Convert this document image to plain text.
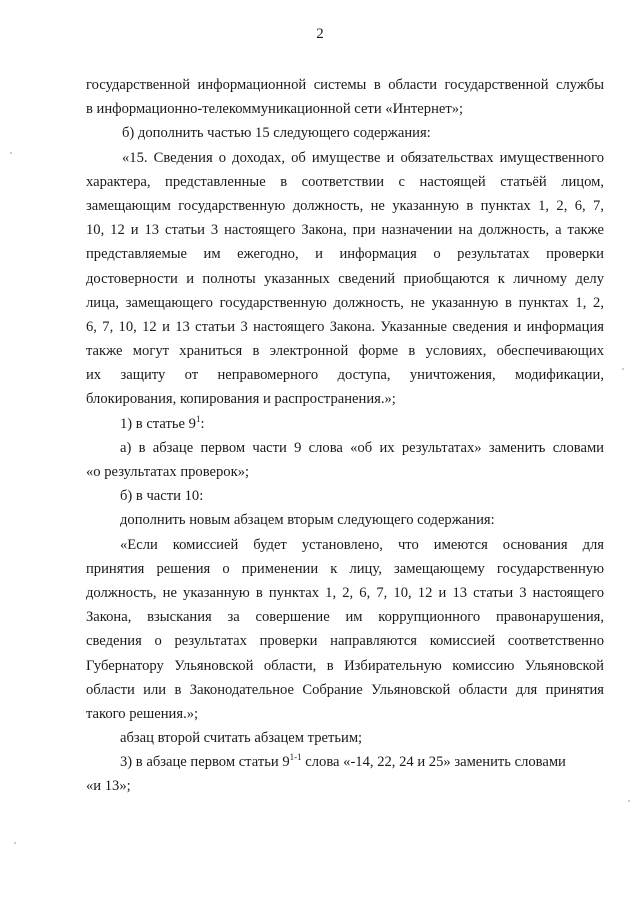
2
государственной информационной системы в области государственной службы
в информационно-телекоммуникационной сети «Интернет»;
б) дополнить частью 15 следующего содержания:
«15. Сведения о доходах, об имуществе и обязательствах имущественного
характера, представленные в соответствии с настоящей статьёй лицом,
замещающим государственную должность, не указанную в пунктах 1, 2, 6, 7,
10, 12 и 13 статьи 3 настоящего Закона, при назначении на должность, а также
представляемые им ежегодно, и информация о результатах проверки
достоверности и полноты указанных сведений приобщаются к личному делу
лица, замещающего государственную должность, не указанную в пунктах 1, 2,
6, 7, 10, 12 и 13 статьи 3 настоящего Закона. Указанные сведения и информация
также могут храниться в электронной форме в условиях, обеспечивающих
их защиту от неправомерного доступа, уничтожения, модификации,
блокирования, копирования и распространения.»;
1) в статье $9^1$:
а) в абзаце первом части 9 слова «об их результатах» заменить словами
«о результатах проверок»;
б) в части 10:
дополнить новым абзацем вторым следующего содержания:
«Если комиссией будет установлено, что имеются основания для
принятия решения о применении к лицу, замещающему государственную
должность, не указанную в пунктах 1, 2, 6, 7, 10, 12 и 13 статьи 3 настоящего
Закона, взыскания за совершение им коррупционного правонарушения,
сведения о результатах проверки направляются комиссией соответственно
Губернатору Ульяновской области, в Избирательную комиссию Ульяновской
области или в Законодательное Собрание Ульяновской области для принятия
такого решения.»;
абзац второй считать абзацем третьим;
3) в абзаце первом статьи 9$^{1-1}$ слова «-14, 22, 24 и 25» заменить словами
«и 13»;
